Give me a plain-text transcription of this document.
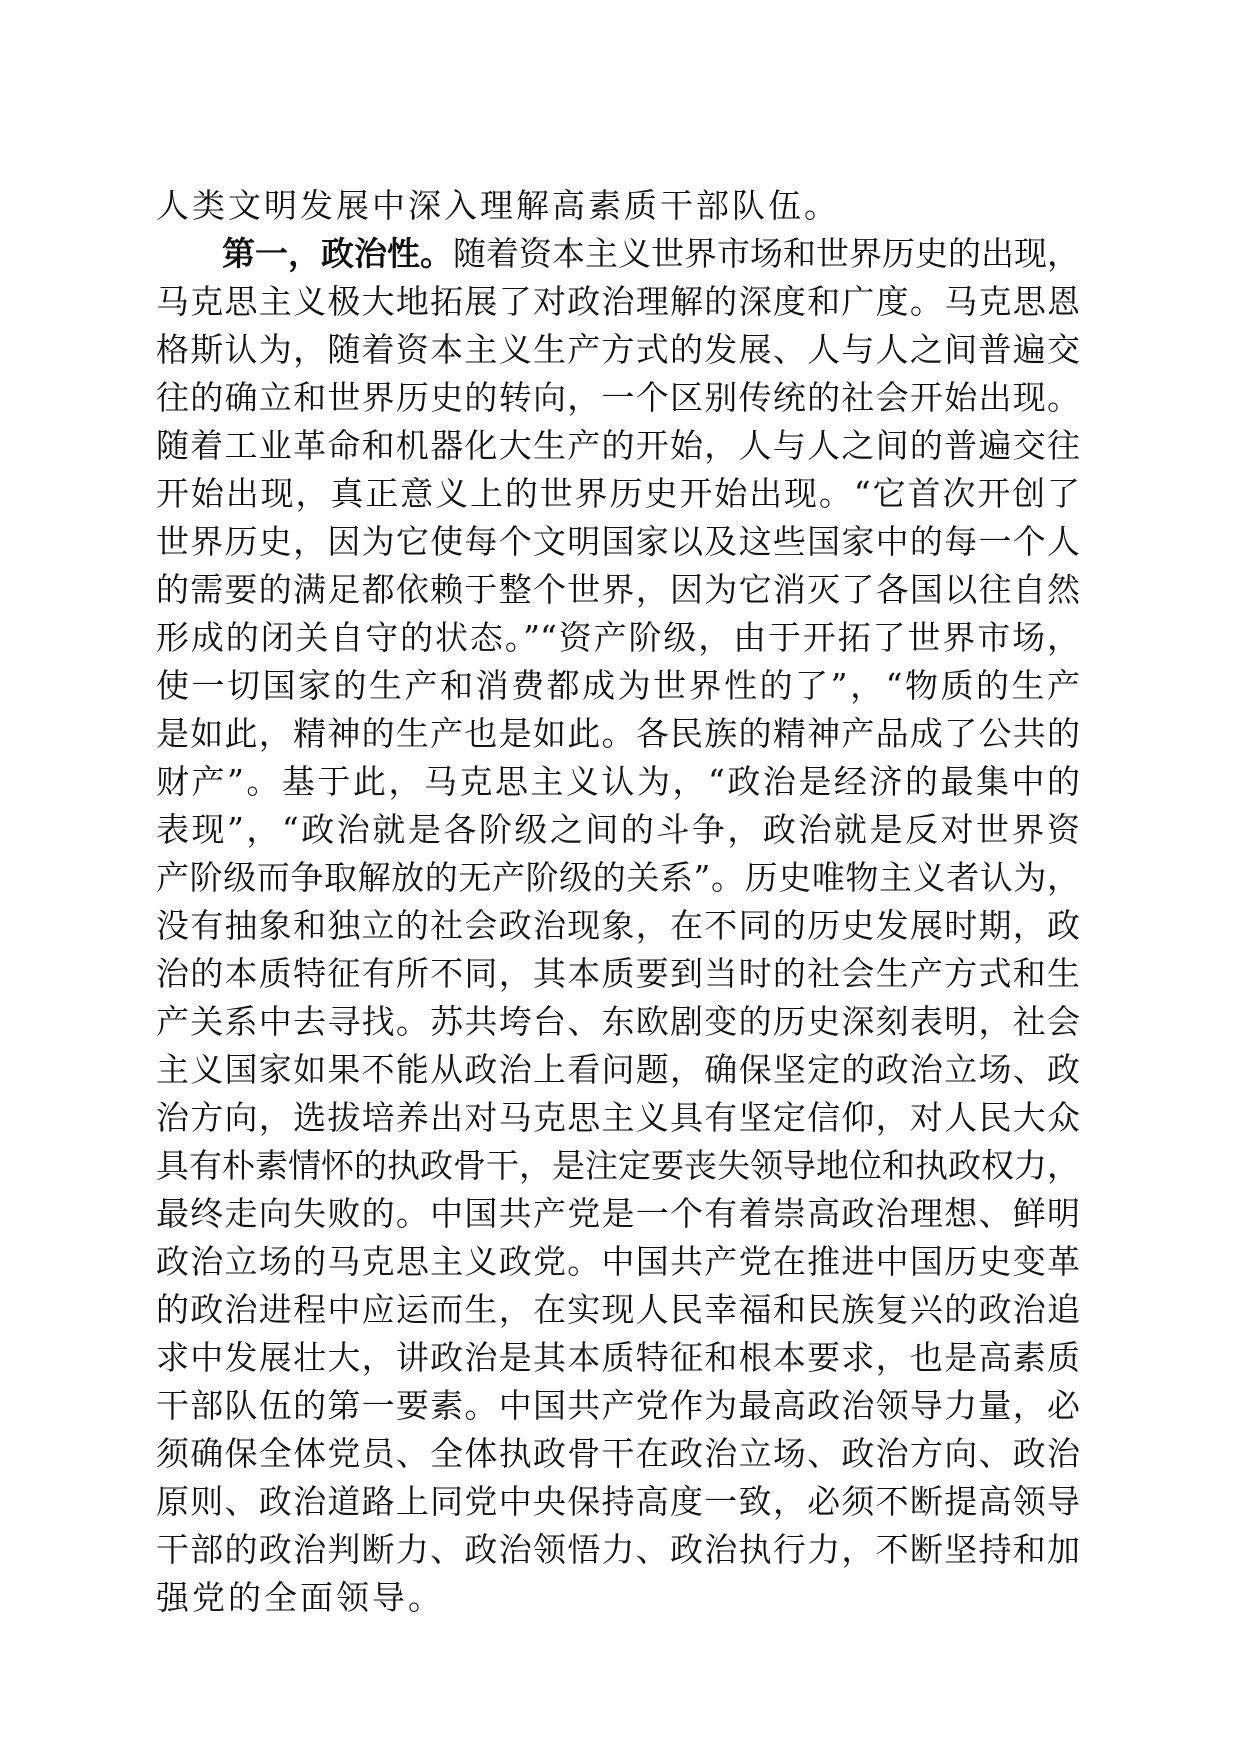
人类文明发展中深入理解高素质干部队伍。
第一，政治性。随着资本主义世界市场和世界历史的出现，
马克思主义极大地拓展了对政治理解的深度和广度。马克思恩
格斯认为，随着资本主义生产方式的发展、人与人之间普遍交
往的确立和世界历史的转向，一个区别传统的社会开始出现。
随着工业革命和机器化大生产的开始，人与人之间的普遍交往
开始出现，真正意义上的世界历史开始出现。“它首次开创了
世界历史，因为它使每个文明国家以及这些国家中的每一个人
的需要的满足都依赖于整个世界，因为它消灭了各国以往自然
形成的闭关自守的状态。”“资产阶级，由于开拓了世界市场，
使一切国家的生产和消费都成为世界性的了”，“物质的生产
是如此，精神的生产也是如此。各民族的精神产品成了公共的
财产”。基于此，马克思主义认为，“政治是经济的最集中的
表现”，“政治就是各阶级之间的斗争，政治就是反对世界资
产阶级而争取解放的无产阶级的关系”。历史唯物主义者认为，
没有抽象和独立的社会政治现象，在不同的历史发展时期，政
治的本质特征有所不同，其本质要到当时的社会生产方式和生
产关系中去寻找。苏共垮台、东欧剧变的历史深刻表明，社会
主义国家如果不能从政治上看问题，确保坚定的政治立场、政
治方向，选拔培养出对马克思主义具有坚定信仰，对人民大众
具有朴素情怀的执政骨干，是注定要丧失领导地位和执政权力，
最终走向失败的。中国共产党是一个有着崇高政治理想、鲜明
政治立场的马克思主义政党。中国共产党在推进中国历史变革
的政治进程中应运而生，在实现人民幸福和民族复兴的政治追
求中发展壮大，讲政治是其本质特征和根本要求，也是高素质
干部队伍的第一要素。中国共产党作为最高政治领导力量，必
须确保全体党员、全体执政骨干在政治立场、政治方向、政治
原则、政治道路上同党中央保持高度一致，必须不断提高领导
干部的政治判断力、政治领悟力、政治执行力，不断坚持和加
强党的全面领导。
